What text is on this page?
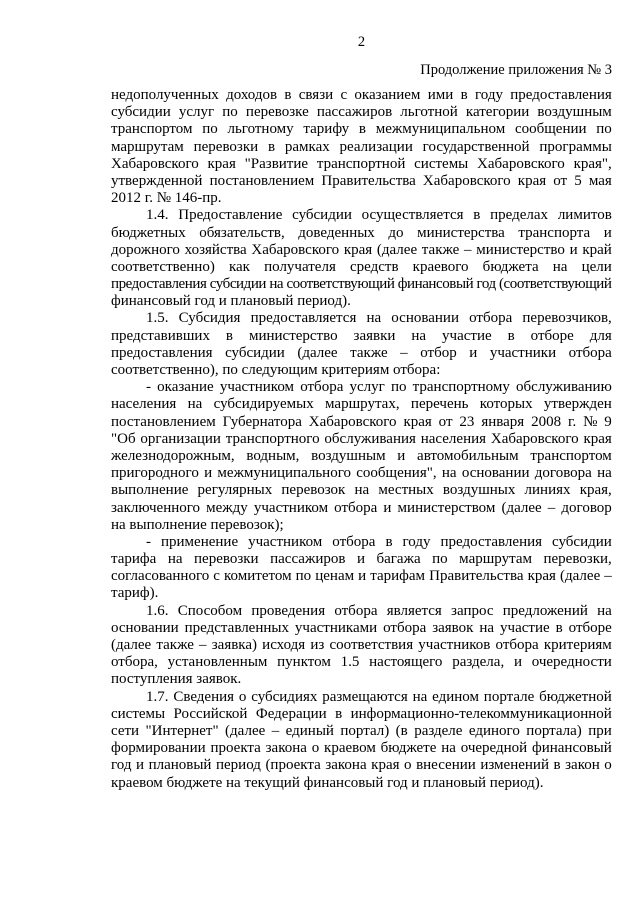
2
Продолжение приложения № 3
недополученных доходов в связи с оказанием ими в году предоставления
субсидии услуг по перевозке пассажиров льготной категории воздушным
транспортом по льготному тарифу в межмуниципальном сообщении по
маршрутам перевозки в рамках реализации государственной программы
Хабаровского края "Развитие транспортной системы Хабаровского края",
утвержденной постановлением Правительства Хабаровского края от 5 мая
2012 г. № 146-пр.
1.4. Предоставление субсидии осуществляется в пределах лимитов
бюджетных обязательств, доведенных до министерства транспорта и
дорожного хозяйства Хабаровского края (далее также – министерство и край
соответственно) как получателя средств краевого бюджета на цели
предоставления субсидии на соответствующий финансовый год (соответствующий
финансовый год и плановый период).
1.5. Субсидия предоставляется на основании отбора перевозчиков,
представивших в министерство заявки на участие в отборе для
предоставления субсидии (далее также – отбор и участники отбора
соответственно), по следующим критериям отбора:
- оказание участником отбора услуг по транспортному обслуживанию
населения на субсидируемых маршрутах, перечень которых утвержден
постановлением Губернатора Хабаровского края от 23 января 2008 г. № 9
"Об организации транспортного обслуживания населения Хабаровского края
железнодорожным, водным, воздушным и автомобильным транспортом
пригородного и межмуниципального сообщения", на основании договора на
выполнение регулярных перевозок на местных воздушных линиях края,
заключенного между участником отбора и министерством (далее – договор
на выполнение перевозок);
- применение участником отбора в году предоставления субсидии
тарифа на перевозки пассажиров и багажа по маршрутам перевозки,
согласованного с комитетом по ценам и тарифам Правительства края (далее –
тариф).
1.6. Способом проведения отбора является запрос предложений на
основании представленных участниками отбора заявок на участие в отборе
(далее также – заявка) исходя из соответствия участников отбора критериям
отбора, установленным пунктом 1.5 настоящего раздела, и очередности
поступления заявок.
1.7. Сведения о субсидиях размещаются на едином портале бюджетной
системы Российской Федерации в информационно-телекоммуникационной
сети "Интернет" (далее – единый портал) (в разделе единого портала) при
формировании проекта закона о краевом бюджете на очередной финансовый
год и плановый период (проекта закона края о внесении изменений в закон о
краевом бюджете на текущий финансовый год и плановый период).
